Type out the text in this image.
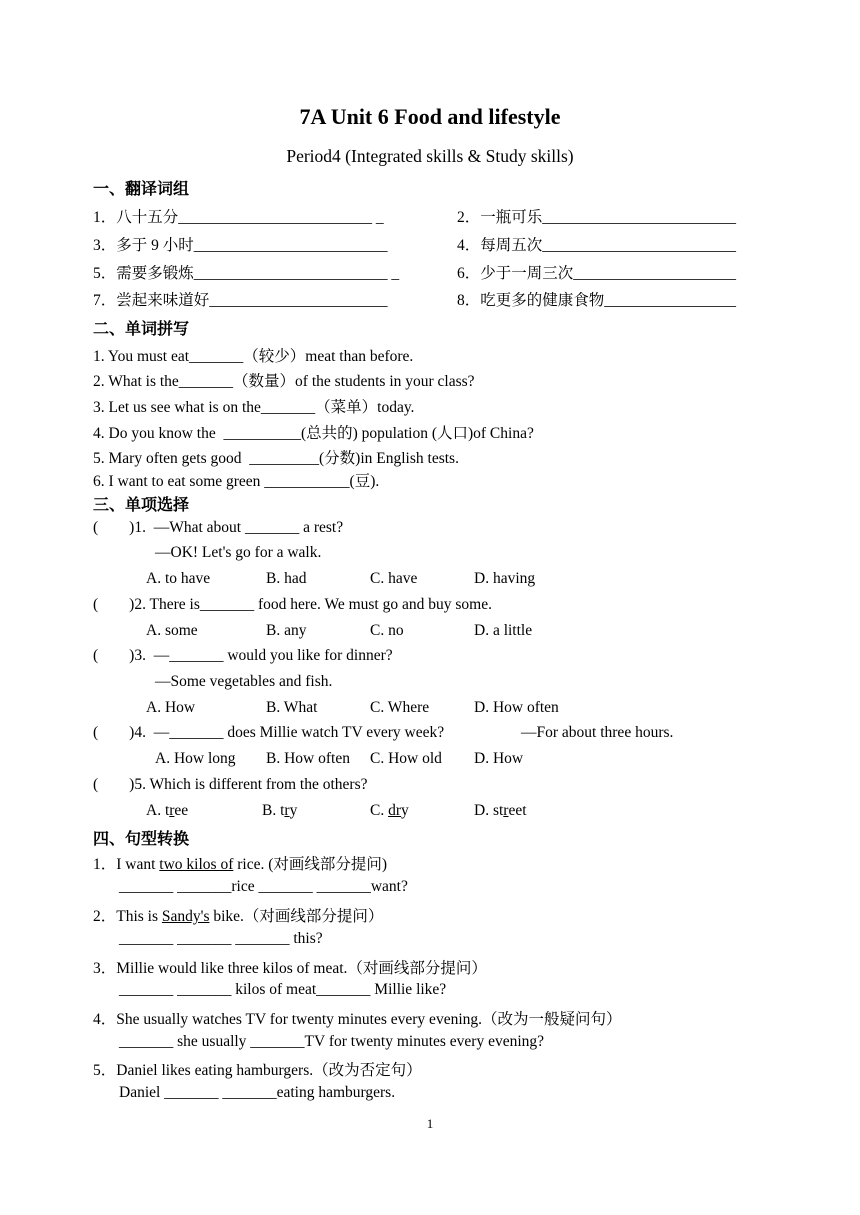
7A Unit 6 Food and lifestyle
Period4 (Integrated skills & Study skills)
一、翻译词组
1．八十五分_________________________ _	2．一瓶可乐_________________________
3．多于 9 小时_________________________	4．每周五次_________________________
5．需要多锻炼_________________________ _	6．少于一周三次_____________________
7．尝起来味道好_______________________	8．吃更多的健康食物_________________
二、单词拼写
1. You must eat_______（较少）meat than before.
2. What is the_______（数量）of the students in your class?
3. Let us see what is on the_______（菜单）today.
4. Do you know the  __________(总共的) population (人口)of China?
5. Mary often gets good  _________(分数)in English tests.
6. I want to eat some green ___________(豆).
三、单项选择
(        )1.  —What about _______ a rest?
—OK! Let's go for a walk.
A. to have	B. had	C. have	D. having
(        )2. There is_______ food here. We must go and buy some.
A. some	B. any	C. no	D. a little
(        )3.  —_______ would you like for dinner?
—Some vegetables and fish.
A. How	B. What	C. Where	D. How often
(        )4.  —_______ does Millie watch TV every week?	—For about three hours.
A. How long B. How often C. How old D. How
(        )5. Which is different from the others?
A. tree	B. try	C. dry	D. street
四、句型转换
1．I want two kilos of rice. (对画线部分提问)
_______ _______rice _______ _______want?
2．This is Sandy's bike.（对画线部分提问）
_______ _______ _______ this?
3．Millie would like three kilos of meat.（对画线部分提问）
_______ _______ kilos of meat_______ Millie like?
4．She usually watches TV for twenty minutes every evening.（改为一般疑问句）
_______ she usually _______TV for twenty minutes every evening?
5．Daniel likes eating hamburgers.（改为否定句）
Daniel _______ _______eating hamburgers.
1
